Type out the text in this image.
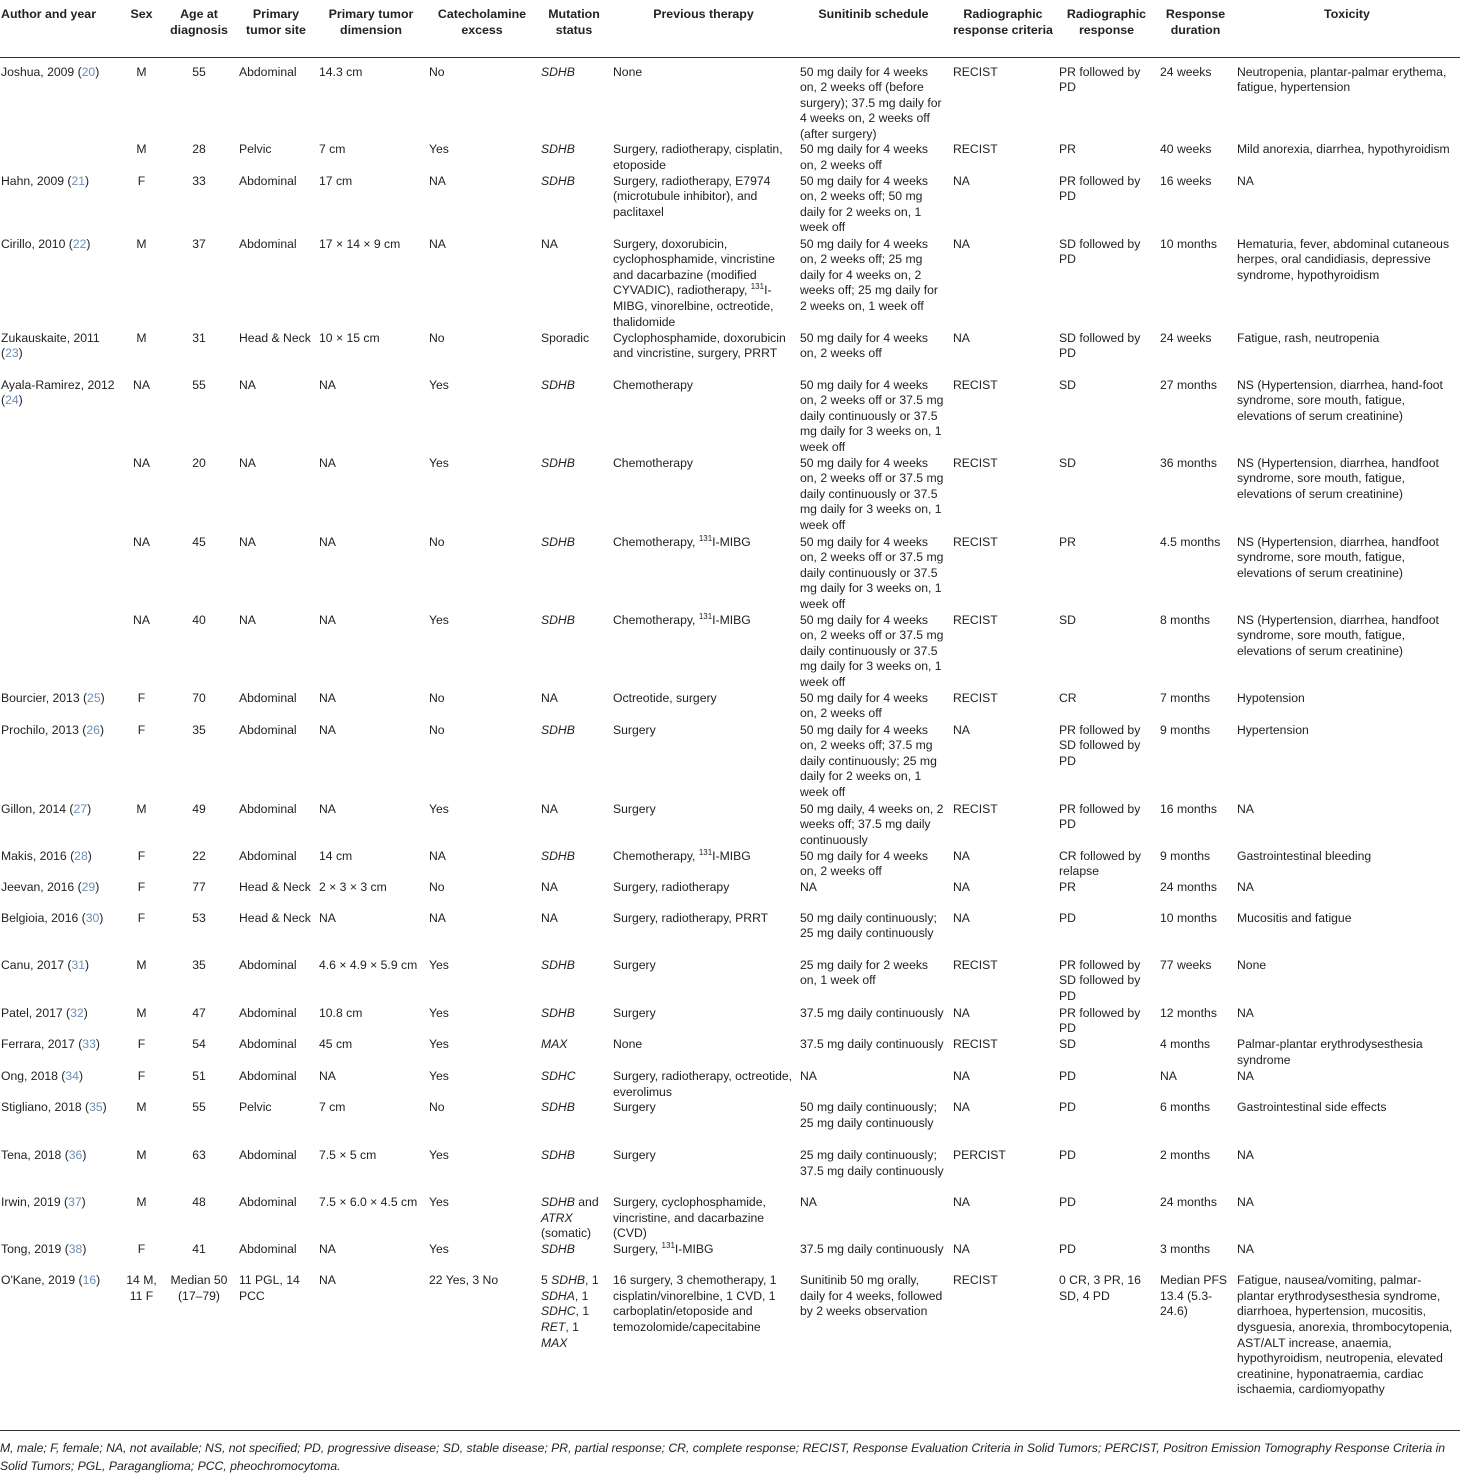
Author and year	Sex	Age at diagnosis	Primary tumor site	Primary tumor dimension	Catecholamine excess	Mutation status	Previous therapy	Sunitinib schedule	Radiographic response criteria	Radiographic response	Response duration	Toxicity
Joshua, 2009 (20)	M	55	Abdominal	14.3 cm	No	SDHB	None	50 mg daily for 4 weeks on, 2 weeks off (before surgery); 37.5 mg daily for 4 weeks on, 2 weeks off (after surgery)	RECIST	PR followed by PD	24 weeks	Neutropenia, plantar-palmar erythema, fatigue, hypertension
	M	28	Pelvic	7 cm	Yes	SDHB	Surgery, radiotherapy, cisplatin, etoposide	50 mg daily for 4 weeks on, 2 weeks off	RECIST	PR	40 weeks	Mild anorexia, diarrhea, hypothyroidism
Hahn, 2009 (21)	F	33	Abdominal	17 cm	NA	SDHB	Surgery, radiotherapy, E7974 (microtubule inhibitor), and paclitaxel	50 mg daily for 4 weeks on, 2 weeks off; 50 mg daily for 2 weeks on, 1 week off	NA	PR followed by PD	16 weeks	NA
Cirillo, 2010 (22)	M	37	Abdominal	17 × 14 × 9 cm	NA	NA	Surgery, doxorubicin, cyclophosphamide, vincristine and dacarbazine (modified CYVADIC), radiotherapy, $^{131}$I-MIBG, vinorelbine, octreotide, thalidomide	50 mg daily for 4 weeks on, 2 weeks off; 25 mg daily for 4 weeks on, 2 weeks off; 25 mg daily for 2 weeks on, 1 week off	NA	SD followed by PD	10 months	Hematuria, fever, abdominal cutaneous herpes, oral candidiasis, depressive syndrome, hypothyroidism
Zukauskaite, 2011 (23)	M	31	Head & Neck	10 × 15 cm	No	Sporadic	Cyclophosphamide, doxorubicin and vincristine, surgery, PRRT	50 mg daily for 4 weeks on, 2 weeks off	NA	SD followed by PD	24 weeks	Fatigue, rash, neutropenia
Ayala-Ramirez, 2012 (24)	NA	55	NA	NA	Yes	SDHB	Chemotherapy	50 mg daily for 4 weeks on, 2 weeks off or 37.5 mg daily continuously or 37.5 mg daily for 3 weeks on, 1 week off	RECIST	SD	27 months	NS (Hypertension, diarrhea, hand-foot syndrome, sore mouth, fatigue, elevations of serum creatinine)
	NA	20	NA	NA	Yes	SDHB	Chemotherapy	50 mg daily for 4 weeks on, 2 weeks off or 37.5 mg daily continuously or 37.5 mg daily for 3 weeks on, 1 week off	RECIST	SD	36 months	NS (Hypertension, diarrhea, handfoot syndrome, sore mouth, fatigue, elevations of serum creatinine)
	NA	45	NA	NA	No	SDHB	Chemotherapy, $^{131}$I-MIBG	50 mg daily for 4 weeks on, 2 weeks off or 37.5 mg daily continuously or 37.5 mg daily for 3 weeks on, 1 week off	RECIST	PR	4.5 months	NS (Hypertension, diarrhea, handfoot syndrome, sore mouth, fatigue, elevations of serum creatinine)
	NA	40	NA	NA	Yes	SDHB	Chemotherapy, $^{131}$I-MIBG	50 mg daily for 4 weeks on, 2 weeks off or 37.5 mg daily continuously or 37.5 mg daily for 3 weeks on, 1 week off	RECIST	SD	8 months	NS (Hypertension, diarrhea, handfoot syndrome, sore mouth, fatigue, elevations of serum creatinine)
Bourcier, 2013 (25)	F	70	Abdominal	NA	No	NA	Octreotide, surgery	50 mg daily for 4 weeks on, 2 weeks off	RECIST	CR	7 months	Hypotension
Prochilo, 2013 (26)	F	35	Abdominal	NA	No	SDHB	Surgery	50 mg daily for 4 weeks on, 2 weeks off; 37.5 mg daily continuously; 25 mg daily for 2 weeks on, 1 week off	NA	PR followed by SD followed by PD	9 months	Hypertension
Gillon, 2014 (27)	M	49	Abdominal	NA	Yes	NA	Surgery	50 mg daily, 4 weeks on, 2 weeks off; 37.5 mg daily continuously	RECIST	PR followed by PD	16 months	NA
Makis, 2016 (28)	F	22	Abdominal	14 cm	NA	SDHB	Chemotherapy, $^{131}$I-MIBG	50 mg daily for 4 weeks on, 2 weeks off	NA	CR followed by relapse	9 months	Gastrointestinal bleeding
Jeevan, 2016 (29)	F	77	Head & Neck	2 × 3 × 3 cm	No	NA	Surgery, radiotherapy	NA	NA	PR	24 months	NA
Belgioia, 2016 (30)	F	53	Head & Neck	NA	NA	NA	Surgery, radiotherapy, PRRT	50 mg daily continuously; 25 mg daily continuously	NA	PD	10 months	Mucositis and fatigue
Canu, 2017 (31)	M	35	Abdominal	4.6 × 4.9 × 5.9 cm	Yes	SDHB	Surgery	25 mg daily for 2 weeks on, 1 week off	RECIST	PR followed by SD followed by PD	77 weeks	None
Patel, 2017 (32)	M	47	Abdominal	10.8 cm	Yes	SDHB	Surgery	37.5 mg daily continuously	NA	PR followed by PD	12 months	NA
Ferrara, 2017 (33)	F	54	Abdominal	45 cm	Yes	MAX	None	37.5 mg daily continuously	RECIST	SD	4 months	Palmar-plantar erythrodysesthesia syndrome
Ong, 2018 (34)	F	51	Abdominal	NA	Yes	SDHC	Surgery, radiotherapy, octreotide, everolimus	NA	NA	PD	NA	NA
Stigliano, 2018 (35)	M	55	Pelvic	7 cm	No	SDHB	Surgery	50 mg daily continuously; 25 mg daily continuously	NA	PD	6 months	Gastrointestinal side effects
Tena, 2018 (36)	M	63	Abdominal	7.5 × 5 cm	Yes	SDHB	Surgery	25 mg daily continuously; 37.5 mg daily continuously	PERCIST	PD	2 months	NA
Irwin, 2019 (37)	M	48	Abdominal	7.5 × 6.0 × 4.5 cm	Yes	SDHB and ATRX (somatic)	Surgery, cyclophosphamide, vincristine, and dacarbazine (CVD)	NA	NA	PD	24 months	NA
Tong, 2019 (38)	F	41	Abdominal	NA	Yes	SDHB	Surgery, $^{131}$I-MIBG	37.5 mg daily continuously	NA	PD	3 months	NA
O'Kane, 2019 (16)	14 M, 11 F	Median 50 (17–79)	11 PGL, 14 PCC	NA	22 Yes, 3 No	5 SDHB, 1 SDHA, 1 SDHC, 1 RET, 1 MAX	16 surgery, 3 chemotherapy, 1 cisplatin/vinorelbine, 1 CVD, 1 carboplatin/etoposide and temozolomide/capecitabine	Sunitinib 50 mg orally, daily for 4 weeks, followed by 2 weeks observation	RECIST	0 CR, 3 PR, 16 SD, 4 PD	Median PFS 13.4 (5.3-24.6)	Fatigue, nausea/vomiting, palmar-plantar erythrodysesthesia syndrome, diarrhoea, hypertension, mucositis, dysguesia, anorexia, thrombocytopenia, AST/ALT increase, anaemia, hypothyroidism, neutropenia, elevated creatinine, hyponatraemia, cardiac ischaemia, cardiomyopathy
M, male; F, female; NA, not available; NS, not specified; PD, progressive disease; SD, stable disease; PR, partial response; CR, complete response; RECIST, Response Evaluation Criteria in Solid Tumors; PERCIST, Positron Emission Tomography Response Criteria in Solid Tumors; PGL, Paraganglioma; PCC, pheochromocytoma.
